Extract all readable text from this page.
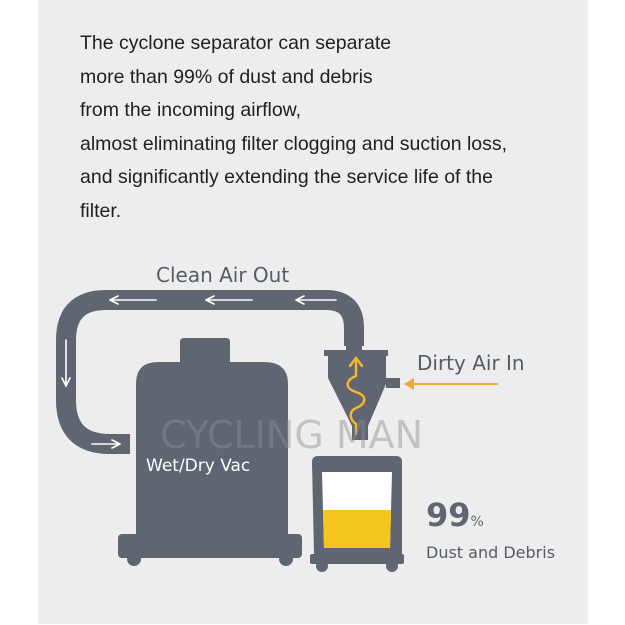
The cyclone separator can separate
more than 99% of dust and debris
from the incoming airflow,
almost eliminating filter clogging and suction loss,
and significantly extending the service life of the
filter.

CYCLING MAN
Clean Air Out
Dirty Air In
Wet/Dry Vac
99%
Dust and Debris
